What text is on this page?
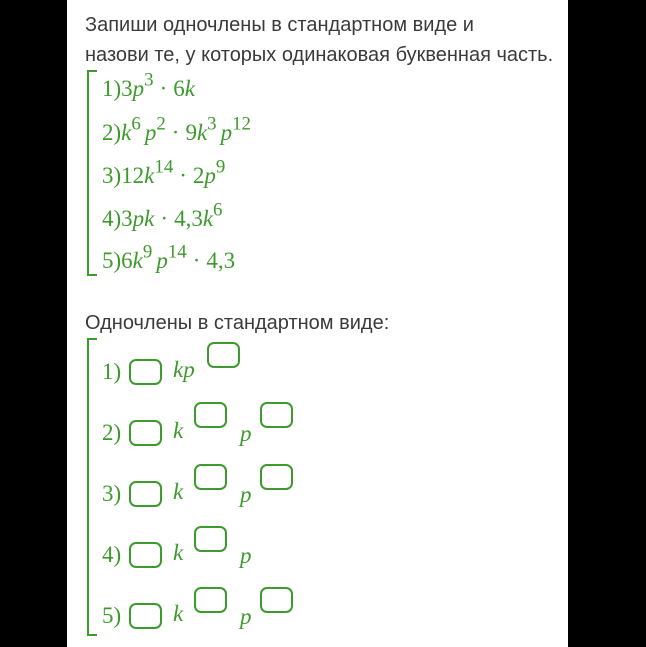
Запиши одночлены в стандартном виде и
назови те, у которых одинаковая буквенная часть.

$1)3p^3 \cdot 6k$
$2)k^6$ $p^2 \cdot 9k^3$ $p^{12}$
$3)12k^{14} \cdot 2p^9$
$4)3pk \cdot 4,3k^6$
$5)6k^9$ $p^{14} \cdot 4,3$

Одночлены в стандартном виде:

1) kp
2) k p
3) k p
4) k p
5) k p
